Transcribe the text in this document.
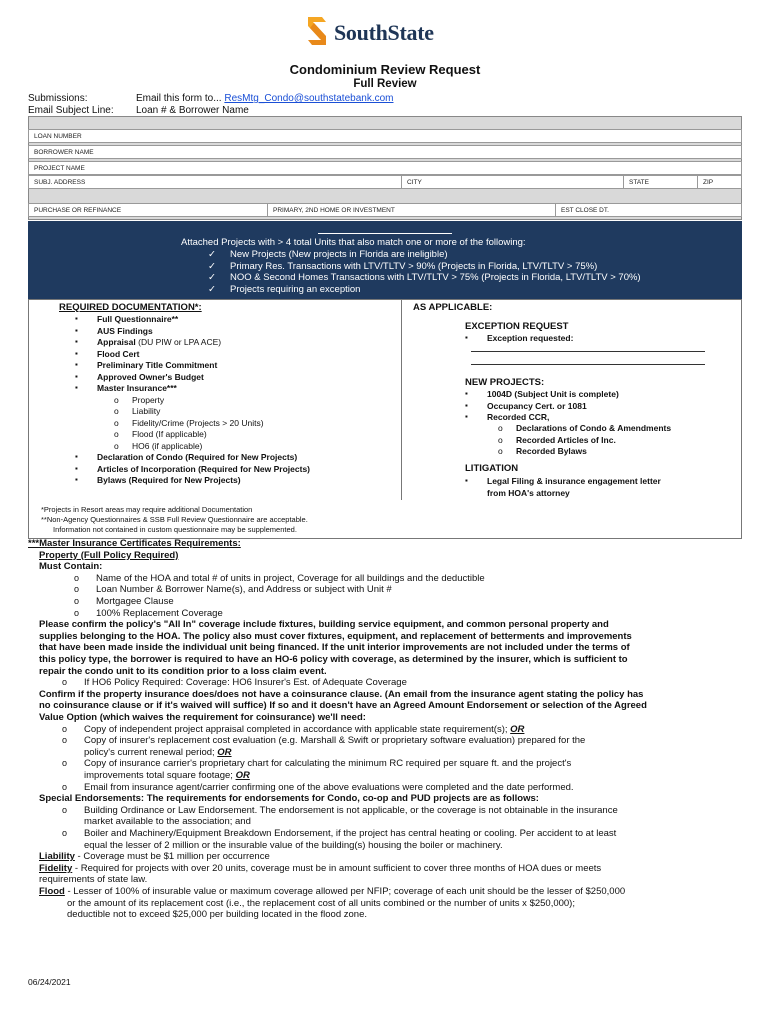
SouthState
Condominium Review Request
Full Review
Submissions:	Email this form to... ResMtg_Condo@southstatebank.com
Email Subject Line: Loan # & Borrower Name
LOAN NUMBER
BORROWER NAME
PROJECT NAME
SUBJ. ADDRESS	CITY	STATE	ZIP
PURCHASE OR REFINANCE	PRIMARY, 2ND HOME OR INVESTMENT	EST CLOSE DT.
Attached Projects with > 4 total Units that also match one or more of the following:
✓ New Projects (New projects in Florida are ineligible)
✓ Primary Res. Transactions with LTV/TLTV > 90% (Projects in Florida, LTV/TLTV > 75%)
✓ NOO & Second Homes Transactions with LTV/TLTV > 75% (Projects in Florida, LTV/TLTV > 70%)
✓ Projects requiring an exception
REQUIRED DOCUMENTATION*:
▪ Full Questionnaire**
▪ AUS Findings
▪ Appraisal (DU PIW or LPA ACE)
▪ Flood Cert
▪ Preliminary Title Commitment
▪ Approved Owner's Budget
▪ Master Insurance***
o Property
o Liability
o Fidelity/Crime (Projects > 20 Units)
o Flood (If applicable)
o HO6 (if applicable)
▪ Declaration of Condo (Required for New Projects)
▪ Articles of Incorporation (Required for New Projects)
▪ Bylaws (Required for New Projects)
AS APPLICABLE:
EXCEPTION REQUEST
▪ Exception requested:
NEW PROJECTS:
▪ 1004D (Subject Unit is complete)
▪ Occupancy Cert. or 1081
▪ Recorded CCR,
o Declarations of Condo & Amendments
o Recorded Articles of Inc.
o Recorded Bylaws
LITIGATION
▪ Legal Filing & insurance engagement letter
from HOA's attorney
*Projects in Resort areas may require additional Documentation
**Non-Agency Questionnaires & SSB Full Review Questionnaire are acceptable.
Information not contained in custom questionnaire may be supplemented.
***Master Insurance Certificates Requirements:
Property (Full Policy Required)
Must Contain:
o Name of the HOA and total # of units in project, Coverage for all buildings and the deductible
o Loan Number & Borrower Name(s), and Address or subject with Unit #
o Mortgagee Clause
o 100% Replacement Coverage
Please confirm the policy's "All In" coverage include fixtures, building service equipment, and common personal property and
supplies belonging to the HOA. The policy also must cover fixtures, equipment, and replacement of betterments and improvements
that have been made inside the individual unit being financed. If the unit interior improvements are not included under the terms of
this policy type, the borrower is required to have an HO-6 policy with coverage, as determined by the insurer, which is sufficient to
repair the condo unit to its condition prior to a loss claim event.
o If HO6 Policy Required: Coverage: HO6 Insurer's Est. of Adequate Coverage
Confirm if the property insurance does/does not have a coinsurance clause. (An email from the insurance agent stating the policy has
no coinsurance clause or if it's waived will suffice) If so and it doesn't have an Agreed Amount Endorsement or selection of the Agreed
Value Option (which waives the requirement for coinsurance) we'll need:
o Copy of independent project appraisal completed in accordance with applicable state requirement(s); OR
o Copy of insurer's replacement cost evaluation (e.g. Marshall & Swift or proprietary software evaluation) prepared for the
policy's current renewal period; OR
o Copy of insurance carrier's proprietary chart for calculating the minimum RC required per square ft. and the project's
improvements total square footage; OR
o Email from insurance agent/carrier confirming one of the above evaluations were completed and the date performed.
Special Endorsements: The requirements for endorsements for Condo, co-op and PUD projects are as follows:
o Building Ordinance or Law Endorsement. The endorsement is not applicable, or the coverage is not obtainable in the insurance
market available to the association; and
o Boiler and Machinery/Equipment Breakdown Endorsement, if the project has central heating or cooling. Per accident to at least
equal the lesser of 2 million or the insurable value of the building(s) housing the boiler or machinery.
Liability - Coverage must be $1 million per occurrence
Fidelity - Required for projects with over 20 units, coverage must be in amount sufficient to cover three months of HOA dues or meets
requirements of state law.
Flood - Lesser of 100% of insurable value or maximum coverage allowed per NFIP; coverage of each unit should be the lesser of $250,000
or the amount of its replacement cost (i.e., the replacement cost of all units combined or the number of units x $250,000);
deductible not to exceed $25,000 per building located in the flood zone.
06/24/2021
